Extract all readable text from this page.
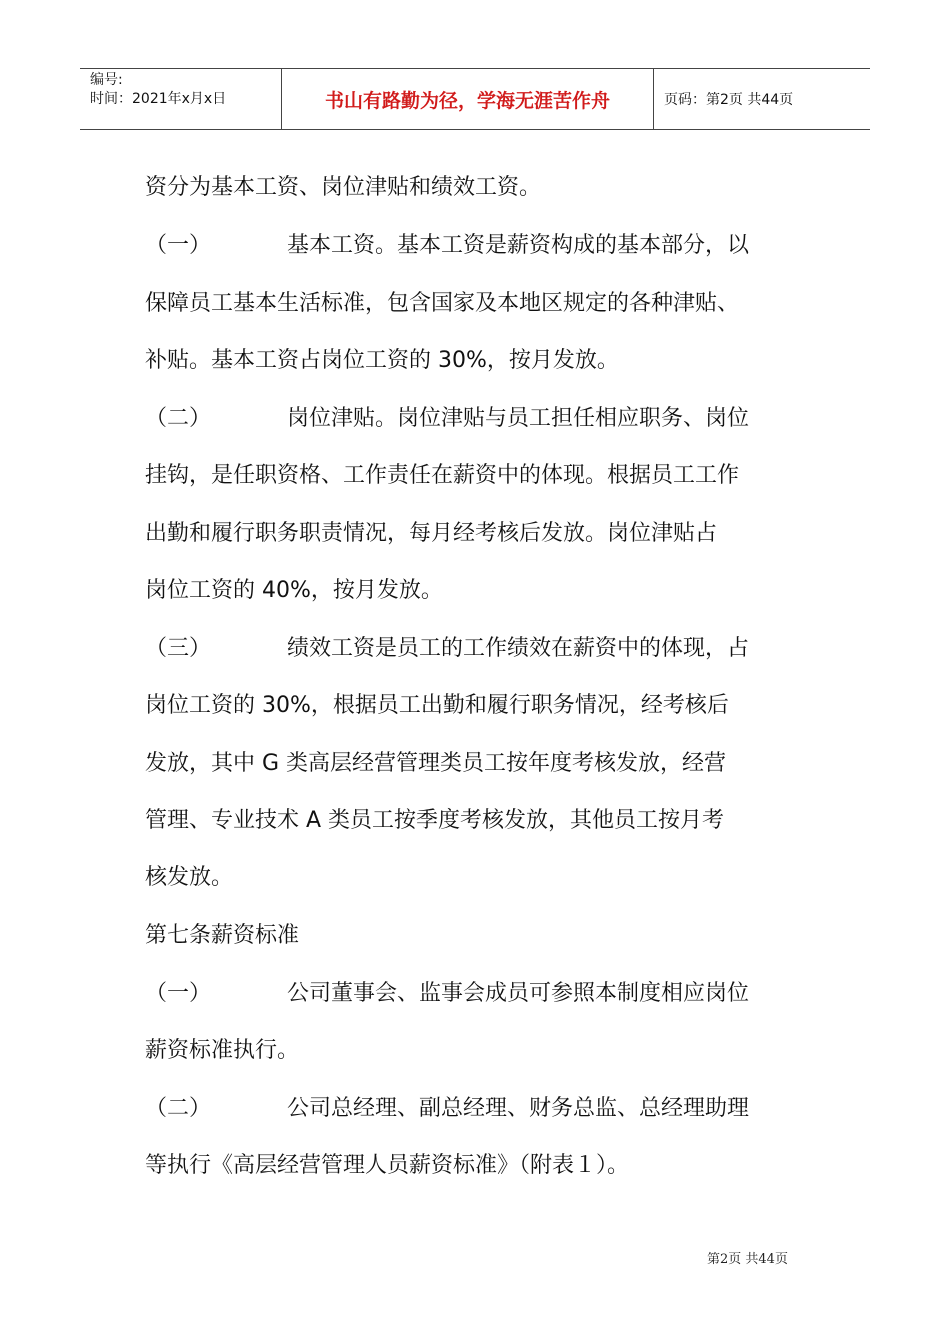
编号:
时间：2021年x月x日	书山有路勤为径，学海无涯苦作舟	页码：第2页 共44页
资分为基本工资、岗位津贴和绩效工资。
（一）	基本工资。基本工资是薪资构成的基本部分，以
保障员工基本生活标准，包含国家及本地区规定的各种津贴、
补贴。基本工资占岗位工资的 30%，按月发放。
（二）	岗位津贴。岗位津贴与员工担任相应职务、岗位
挂钩，是任职资格、工作责任在薪资中的体现。根据员工工作
出勤和履行职务职责情况，每月经考核后发放。岗位津贴占
岗位工资的 40%，按月发放。
（三）	绩效工资是员工的工作绩效在薪资中的体现，占
岗位工资的 30%，根据员工出勤和履行职务情况，经考核后
发放，其中 G 类高层经营管理类员工按年度考核发放，经营
管理、专业技术 A 类员工按季度考核发放，其他员工按月考
核发放。
第七条薪资标准
（一）	公司董事会、监事会成员可参照本制度相应岗位
薪资标准执行。
（二）	公司总经理、副总经理、财务总监、总经理助理
等执行《高层经营管理人员薪资标准》（附表１）。
第2页 共44页
